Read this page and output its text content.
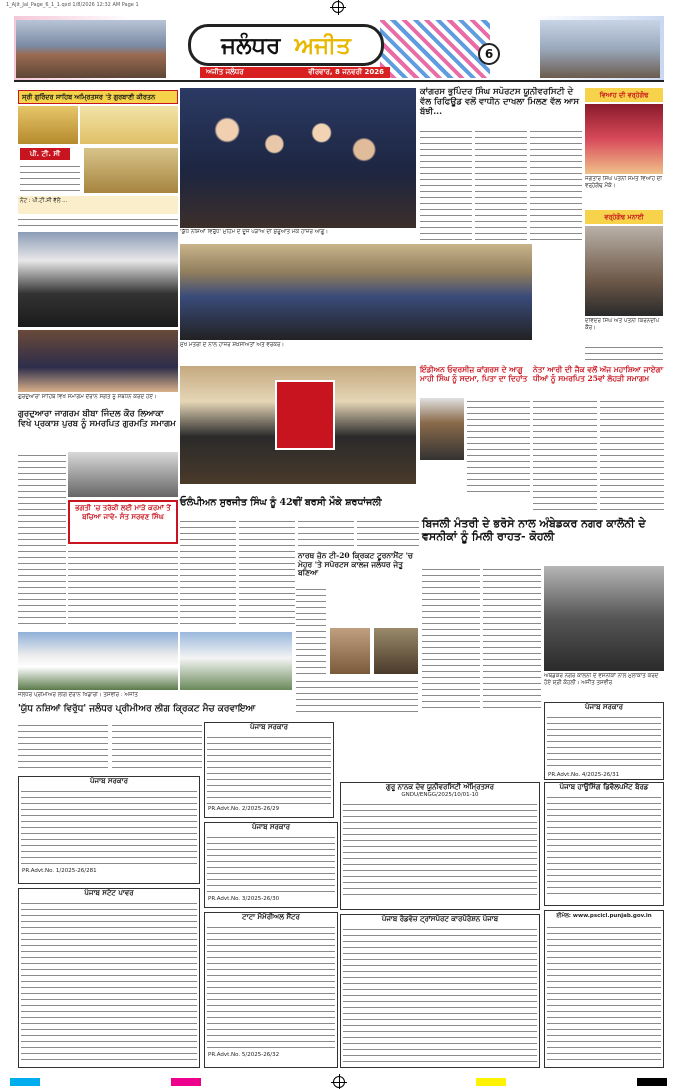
1_Ajit_Jal_Page_6_1_1.qxd 1/8/2026 12:32 AM Page 1
ਜਲੰਧਰ ਅਜੀਤ
ਅਜੀਤ ਜਲੰਧਰ	ਵੀਰਵਾਰ, 8 ਜਨਵਰੀ 2026
6
ਸ੍ਰੀ ਗੁਰਿੰਦਰ ਸਾਹਿਬ ਅਮ੍ਰਿਤਸਰ 'ਤੇ ਗੁਰਬਾਣੀ ਕੀਰਤਨ
ਪੀ. ਟੀ. ਸੀ
ਨੋਟ : ਪੀ.ਟੀ.ਸੀ ਵੱਲੋਂ ...
ਗੁਰਦੁਆਰਾ ਸਾਹਿਬ ਵਿਖੇ ਸਮਾਗਮ ਦੌਰਾਨ ਸੰਗਤ ਨੂੰ ਸੰਬੋਧਨ ਕਰਦੇ ਹੋਏ।
ਗੁਰਦੁਆਰਾ ਜਾਗਰਮ ਬੀਬਾ ਜਿੰਦਲ ਕੌਰ ਲਿਆਕਾ ਵਿਖੇ ਪ੍ਰਕਾਸ਼ ਪੁਰਬ ਨੂੰ ਸਮਰਪਿਤ ਗੁਰਮਤਿ ਸਮਾਗਮ
ਭਗਤੀ 'ਚ ਤਰੱਕੀ ਲਈ ਮਾੜੇ ਕਰਮਾਂ ਤੋਂ ਬਚਿਆ ਜਾਵੇ- ਸੰਤ ਸਰਵਣ ਸਿੰਘ
'ਯੁੱਧ ਨਸ਼ਿਆਂ ਵਿਰੁੱਧ' ਮੁਹਿੰਮ ਦੇ ਦੂਜੇ ਪੜਾਅ ਦੀ ਸ਼ੁਰੂਆਤ ਮੌਕੇ ਹਾਜ਼ਰ ਆਗੂ।
ਮੁੱਖ ਮੰਤਰੀ ਦੇ ਨਾਲ ਹਾਜ਼ਰ ਸ਼ਖ਼ਸੀਅਤਾਂ ਅਤੇ ਵਰਕਰ।
ਕਾਂਗਰਸ ਭੁਪਿੰਦਰ ਸਿੰਘ ਸਪੋਰਟਸ ਯੂਨੀਵਰਸਿਟੀ ਦੇ ਵੱਲ ਰਿਫਿਊਡ ਵਲੋਂ ਵਾਧੀਨ ਦਾਖਲਾ ਮਿਲਣ ਵੱਲ ਆਸ ਬੱਝੀ...
ਵਿਆਹ ਦੀ ਵਰ੍ਹੇਗੰਢ
ਜਗਤਾਰ ਸਿੰਘ ਪਤਨੀ ਸਮੇਤ ਵਿਆਹ ਦੀ ਵਰ੍ਹੇਗੰਢ ਮੌਕੇ।
ਵਰ੍ਹੇਗੰਢ ਮਨਾਈ
ਦਵਿੰਦਰ ਸਿੰਘ ਅਤੇ ਪਤਨੀ ਕਿਰਨਦੀਪ ਕੌਰ।
ਓਲੰਪੀਅਨ ਸੁਰਜੀਤ ਸਿੰਘ ਨੂੰ 42ਵੀਂ ਬਰਸੀ ਮੌਕੇ ਸ਼ਰਧਾਂਜਲੀ
ਇੰਡੀਅਨ ਓਵਰਸੀਜ਼ ਕਾਂਗਰਸ ਦੇ ਆਗੂ ਮਾਹੀ ਸਿੰਘ ਨੂੰ ਸਦਮਾ, ਪਿਤਾ ਦਾ ਦਿਹਾਂਤ
ਨੇਤਾ ਆਰੀ ਦੀ ਜੈਕ ਵਲੋਂ ਅੱਜ ਮਹਾਸ਼ਿਆ ਜਾਏਗਾ ਧੀਆਂ ਨੂੰ ਸਮਰਪਿਤ 25ਵਾਂ ਲੋਹੜੀ ਸਮਾਗਮ
ਨਾਰਥ ਜ਼ੋਨ ਟੀ-20 ਕ੍ਰਿਕਟ ਟੂਰਨਾਮੈਂਟ 'ਚ ਮੇਹਰ 'ਤੇ ਸਪੋਰਟਸ ਕਾਲਜ ਜਲੰਧਰ ਜੇਤੂ ਬਣਿਆ
ਬਿਜਲੀ ਮੰਤਰੀ ਦੇ ਭਰੋਸੇ ਨਾਲ ਅੰਬੇਡਕਰ ਨਗਰ ਕਾਲੋਨੀ ਦੇ ਵਸਨੀਕਾਂ ਨੂੰ ਮਿਲੀ ਰਾਹਤ- ਕੋਹਲੀ
ਅੰਬੇਡਕਰ ਨਗਰ ਕਾਲੋਨੀ ਦੇ ਵਸਨੀਕਾਂ ਨਾਲ ਮੁਲਾਕਾਤ ਕਰਦੇ ਹੋਏ ਸ਼੍ਰੀ ਕੋਹਲੀ। ਅਜੀਤ ਤਸਵੀਰ
ਜਲੰਧਰ ਪ੍ਰੀਮੀਅਰ ਲੀਗ ਦੌਰਾਨ ਖਿਡਾਰੀ। ਤਸਵੀਰ : ਅਜੀਤ
'ਯੁੱਧ ਨਸ਼ਿਆਂ ਵਿਰੁੱਧ' ਜਲੰਧਰ ਪ੍ਰੀਮੀਅਰ ਲੀਗ ਕ੍ਰਿਕਟ ਮੈਚ ਕਰਵਾਇਆ
ਪੰਜਾਬ ਸਰਕਾਰ
PR.Advt.No. 1/2025-26/281
ਪੰਜਾਬ ਸਰਕਾਰ
PR.Advt.No. 2/2025-26/29
ਪੰਜਾਬ ਸਰਕਾਰ
PR.Advt.No. 3/2025-26/30
ਗੁਰੂ ਨਾਨਕ ਦੇਵ ਯੂਨੀਵਰਸਿਟੀ ਅੰਮ੍ਰਿਤਸਰ
GNDU/ENGG/2025/10/01-10
ਪੰਜਾਬ ਸਰਕਾਰ
PR.Advt.No. 4/2025-26/31
ਪੰਜਾਬ ਹਾਊਸਿੰਗ ਡਿਵੈਲਪਮੈਂਟ ਬੋਰਡ
ਪੰਜਾਬ ਸਟੇਟ ਪਾਵਰ
ਟਾਟਾ ਮੈਮੋਰੀਅਲ ਸੈਂਟਰ
PR.Advt.No. 5/2025-26/32
ਪੰਜਾਬ ਰੋਡਵੇਜ਼ ਟ੍ਰਾਂਸਪੋਰਟ ਕਾਰਪੋਰੇਸ਼ਨ ਪੰਜਾਬ	ਈਮੇਲ: www.pscicl.punjab.gov.in
